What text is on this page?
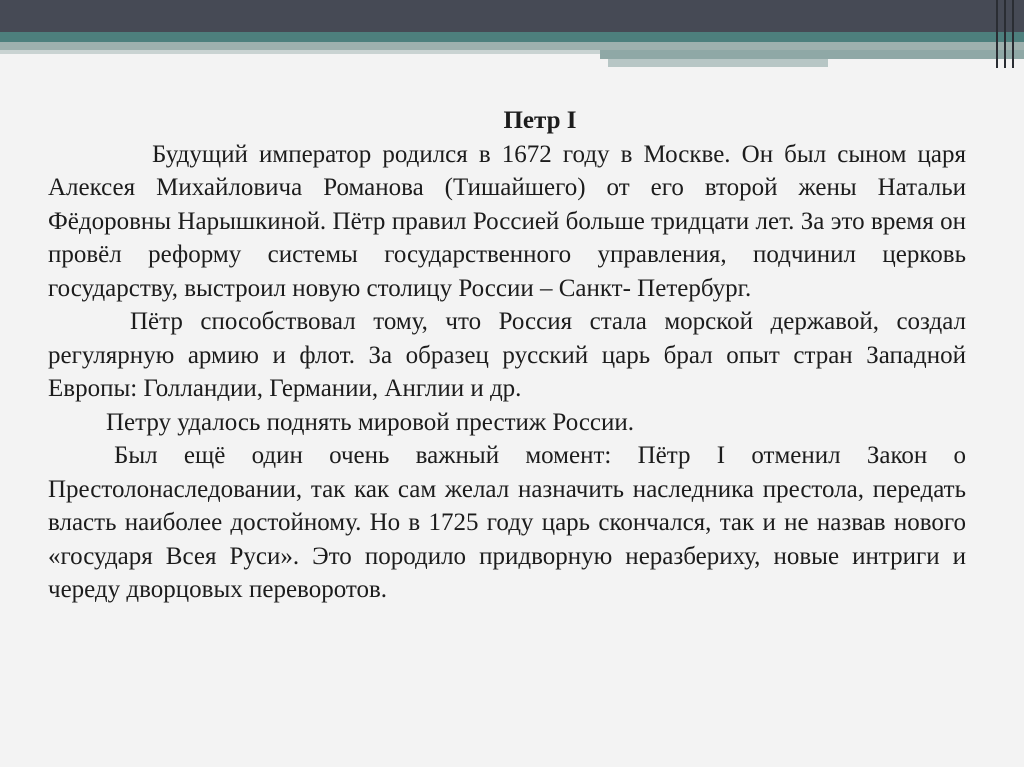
Петр I

Будущий император родился в 1672 году в Москве. Он был сыном царя Алексея Михайловича Романова (Тишайшего) от его второй жены Натальи Фёдоровны Нарышкиной. Пётр правил Россией больше тридцати лет. За это время он провёл реформу системы государственного управления, подчинил церковь государству, выстроил новую столицу России – Санкт- Петербург.

Пётр способствовал тому, что Россия стала морской державой, создал регулярную армию и флот. За образец русский царь брал опыт стран Западной Европы: Голландии, Германии, Англии и др.

Петру удалось поднять мировой престиж России.

Был ещё один очень важный момент: Пётр I отменил Закон о Престолонаследовании, так как сам желал назначить наследника престола, передать власть наиболее достойному. Но в 1725 году царь скончался, так и не назвав нового «государя Всея Руси». Это породило придворную неразбериху, новые интриги и череду дворцовых переворотов.
